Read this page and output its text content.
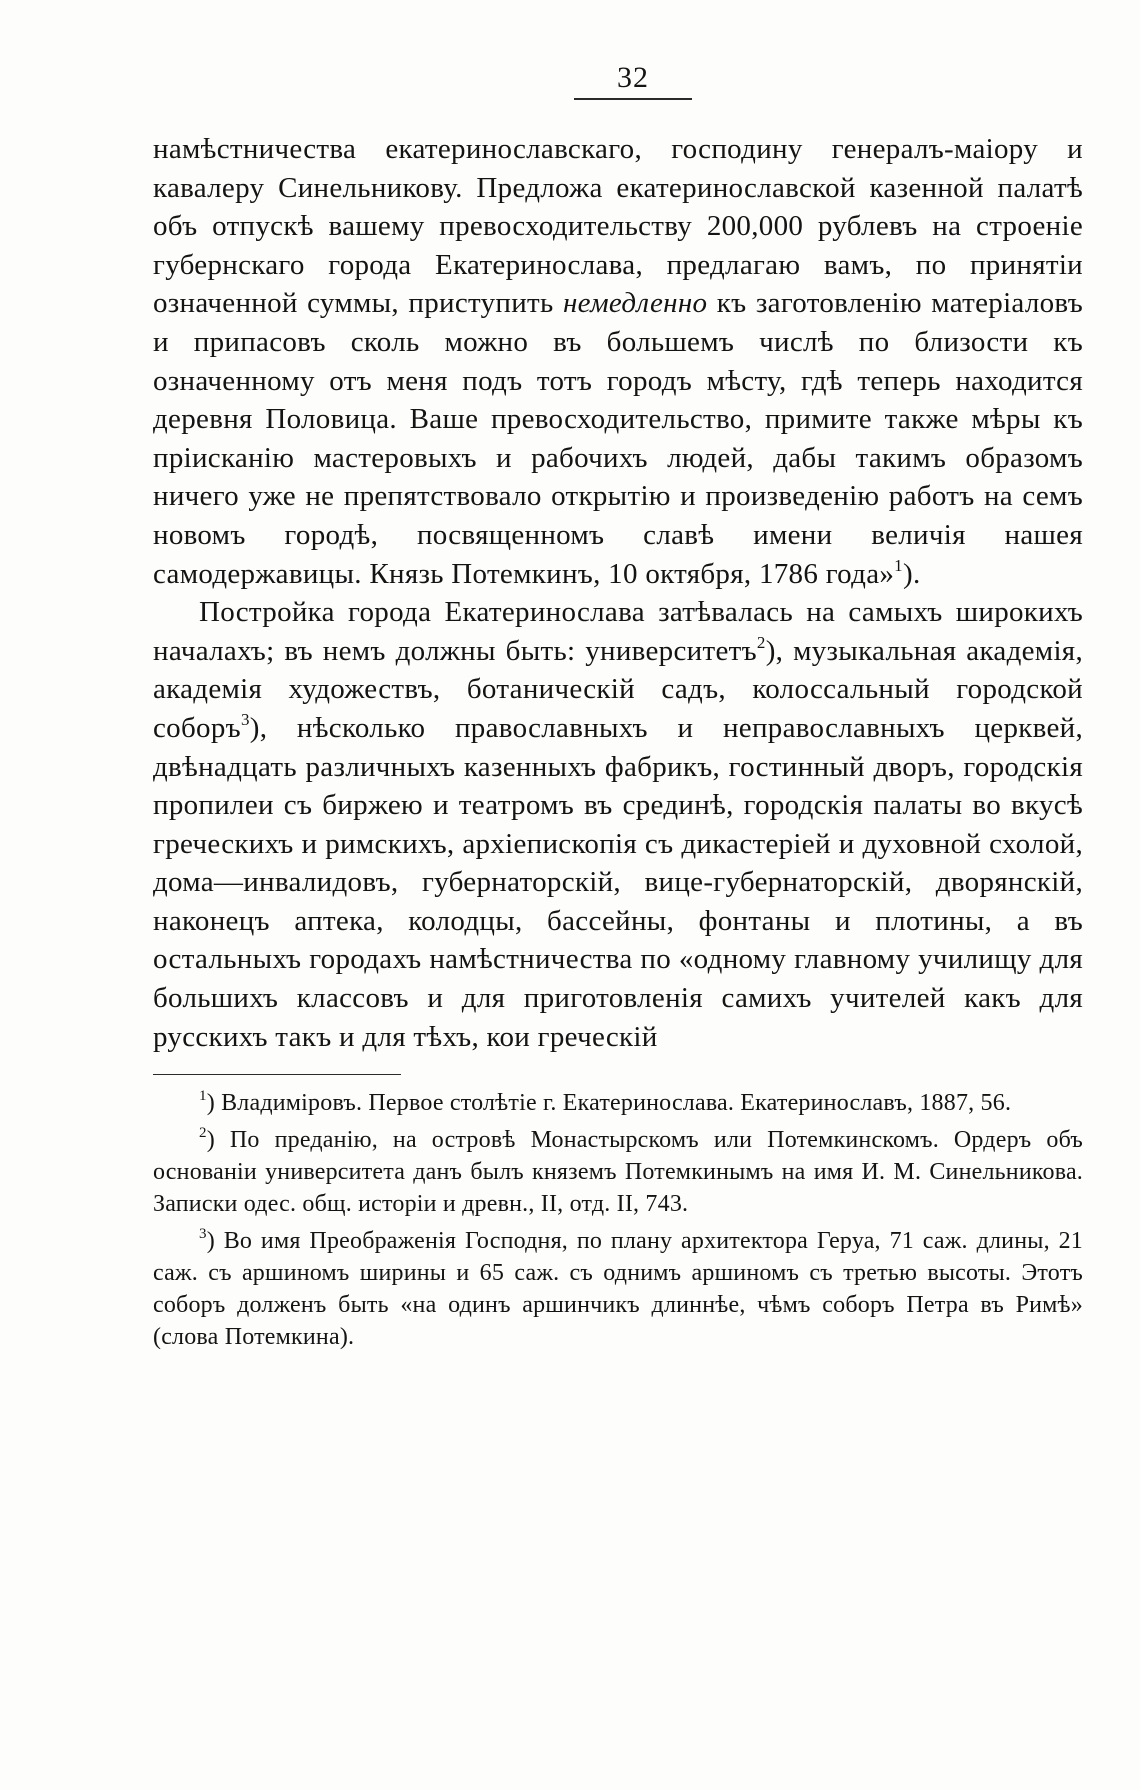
32

намѣстничества екатеринославскаго, господину генералъ-маіору и кавалеру Синельникову. Предложа екатеринославской казенной палатѣ объ отпускѣ вашему превосходительству 200,000 рублевъ на строеніе губернскаго города Екатеринослава, предлагаю вамъ, по принятіи означенной суммы, приступить немедленно къ заготовленію матеріаловъ и припасовъ сколь можно въ большемъ числѣ по близости къ означенному отъ меня подъ тотъ городъ мѣсту, гдѣ теперь находится деревня Половица. Ваше превосходительство, примите также мѣры къ пріисканію мастеровыхъ и рабочихъ людей, дабы такимъ образомъ ничего уже не препятствовало открытію и произведенію работъ на семъ новомъ городѣ, посвященномъ славѣ имени величія нашея самодержавицы. Князь Потемкинъ, 10 октября, 1786 года»$^1$).

Постройка города Екатеринослава затѣвалась на самыхъ широкихъ началахъ; въ немъ должны быть: университетъ$^2$), музыкальная академія, академія художествъ, ботаническій садъ, колоссальный городской соборъ$^3$), нѣсколько православныхъ и неправославныхъ церквей, двѣнадцать различныхъ казенныхъ фабрикъ, гостинный дворъ, городскія пропилеи съ биржею и театромъ въ срединѣ, городскія палаты во вкусѣ греческихъ и римскихъ, архіепископія съ дикастеріей и духовной схолой, дома—инвалидовъ, губернаторскій, вице-губернаторскій, дворянскій, наконецъ аптека, колодцы, бассейны, фонтаны и плотины, а въ остальныхъ городахъ намѣстничества по «одному главному училищу для большихъ классовъ и для приготовленія самихъ учителей какъ для русскихъ такъ и для тѣхъ, кои греческій

$^1$) Владиміровъ. Первое столѣтіе г. Екатеринослава. Екатеринославъ, 1887, 56.

$^2$) По преданію, на островѣ Монастырскомъ или Потемкинскомъ. Ордеръ объ основаніи университета данъ былъ княземъ Потемкинымъ на имя И. М. Синельникова. Записки одес. общ. исторіи и древн., II, отд. II, 743.

$^3$) Во имя Преображенія Господня, по плану архитектора Геруа, 71 саж. длины, 21 саж. съ аршиномъ ширины и 65 саж. съ однимъ аршиномъ съ третью высоты. Этотъ соборъ долженъ быть «на одинъ аршинчикъ длиннѣе, чѣмъ соборъ Петра въ Римѣ» (слова Потемкина).
